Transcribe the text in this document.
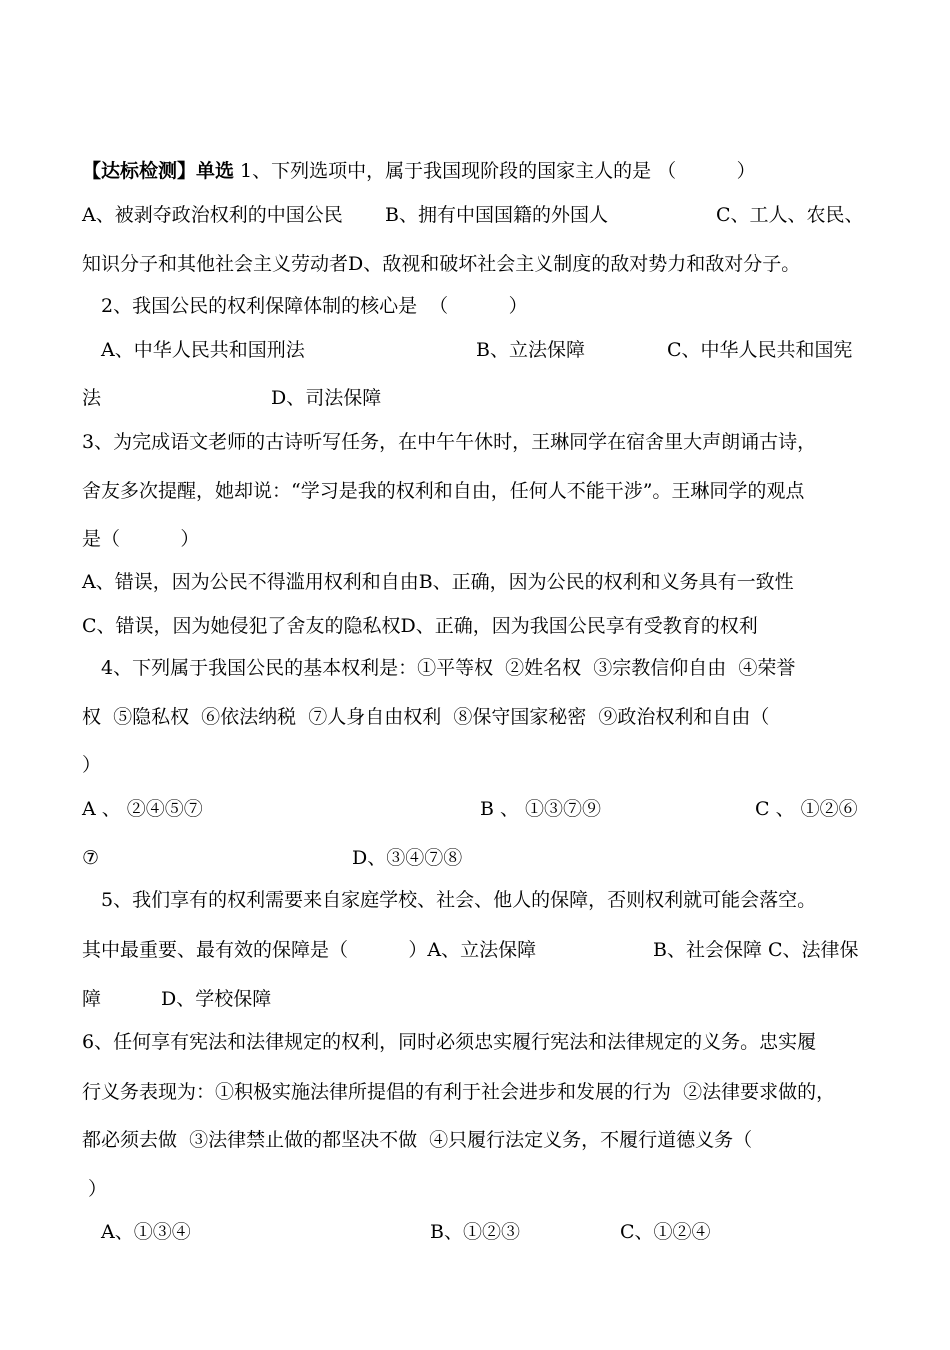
【达标检测】单选 1、下列选项中，属于我国现阶段的国家主人的是 （          ）
A、被剥夺政治权利的中国公民 B、拥有中国国籍的外国人	C、工人、农民、
知识分子和其他社会主义劳动者D、敌视和破坏社会主义制度的敌对势力和敌对分子。
2、我国公民的权利保障体制的核心是  （          ）
A、中华人民共和国刑法	B、立法保障	C、中华人民共和国宪
法	D、司法保障
3、为完成语文老师的古诗听写任务，在中午午休时，王琳同学在宿舍里大声朗诵古诗，
舍友多次提醒，她却说：“学习是我的权利和自由，任何人不能干涉”。王琳同学的观点
是（          ）
A、错误，因为公民不得滥用权利和自由B、正确，因为公民的权利和义务具有一致性
C、错误，因为她侵犯了舍友的隐私权D、正确，因为我国公民享有受教育的权利
4、下列属于我国公民的基本权利是：①平等权  ②姓名权  ③宗教信仰自由  ④荣誉
权  ⑤隐私权  ⑥依法纳税  ⑦人身自由权利  ⑧保守国家秘密  ⑨政治权利和自由（
）
A 、 ②④⑤⑦	B 、 ①③⑦⑨	C 、 ①②⑥
⑦	D、③④⑦⑧
5、我们享有的权利需要来自家庭学校、社会、他人的保障，否则权利就可能会落空。
其中最重要、最有效的保障是（          ）A、立法保障	B、社会保障 C、法律保
障	D、学校保障
6、任何享有宪法和法律规定的权利，同时必须忠实履行宪法和法律规定的义务。忠实履
行义务表现为：①积极实施法律所提倡的有利于社会进步和发展的行为  ②法律要求做的，
都必须去做  ③法律禁止做的都坚决不做  ④只履行法定义务，不履行道德义务（
）
A、①③④	B、①②③	C、①②④
